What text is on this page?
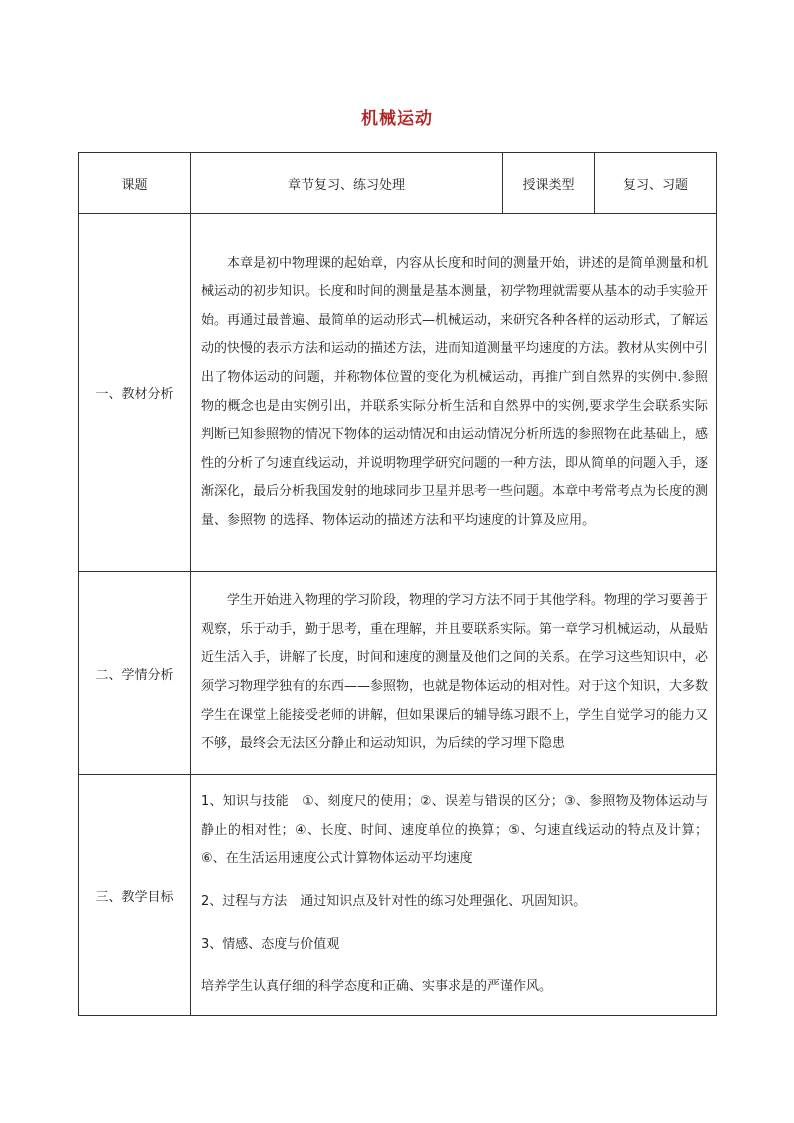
机械运动
课题	章节复习、练习处理	授课类型	复习、习题
一、教材分析	本章是初中物理课的起始章，内容从长度和时间的测量开始，讲述的是简单测量和机械运动的初步知识。长度和时间的测量是基本测量，初学物理就需要从基本的动手实验开始。再通过最普遍、最简单的运动形式—机械运动，来研究各种各样的运动形式，了解运动的快慢的表示方法和运动的描述方法，进而知道测量平均速度的方法。教材从实例中引出了物体运动的问题，并称物体位置的变化为机械运动，再推广到自然界的实例中.参照物的概念也是由实例引出，并联系实际分析生活和自然界中的实例,要求学生会联系实际判断已知参照物的情况下物体的运动情况和由运动情况分析所选的参照物在此基础上，感性的分析了匀速直线运动，并说明物理学研究问题的一种方法，即从简单的问题入手，逐渐深化，最后分析我国发射的地球同步卫星并思考一些问题。本章中考常考点为长度的测量、参照物 的选择、物体运动的描述方法和平均速度的计算及应用。		

二、学情分析	学生开始进入物理的学习阶段，物理的学习方法不同于其他学科。物理的学习要善于观察，乐于动手，勤于思考，重在理解，并且要联系实际。第一章学习机械运动，从最贴近生活入手，讲解了长度，时间和速度的测量及他们之间的关系。在学习这些知识中，必须学习物理学独有的东西——参照物，也就是物体运动的相对性。对于这个知识，大多数学生在课堂上能接受老师的讲解，但如果课后的辅导练习跟不上，学生自觉学习的能力又不够，最终会无法区分静止和运动知识，为后续的学习埋下隐患		

三、教学目标	1、知识与技能　①、刻度尺的使用；②、误差与错误的区分；③、参照物及物体运动与静止的相对性；④、长度、时间、速度单位的换算；⑤、匀速直线运动的特点及计算；⑥、在生活运用速度公式计算物体运动平均速度

2、过程与方法　通过知识点及针对性的练习处理强化、巩固知识。

3、情感、态度与价值观

培养学生认真仔细的科学态度和正确、实事求是的严谨作风。		
